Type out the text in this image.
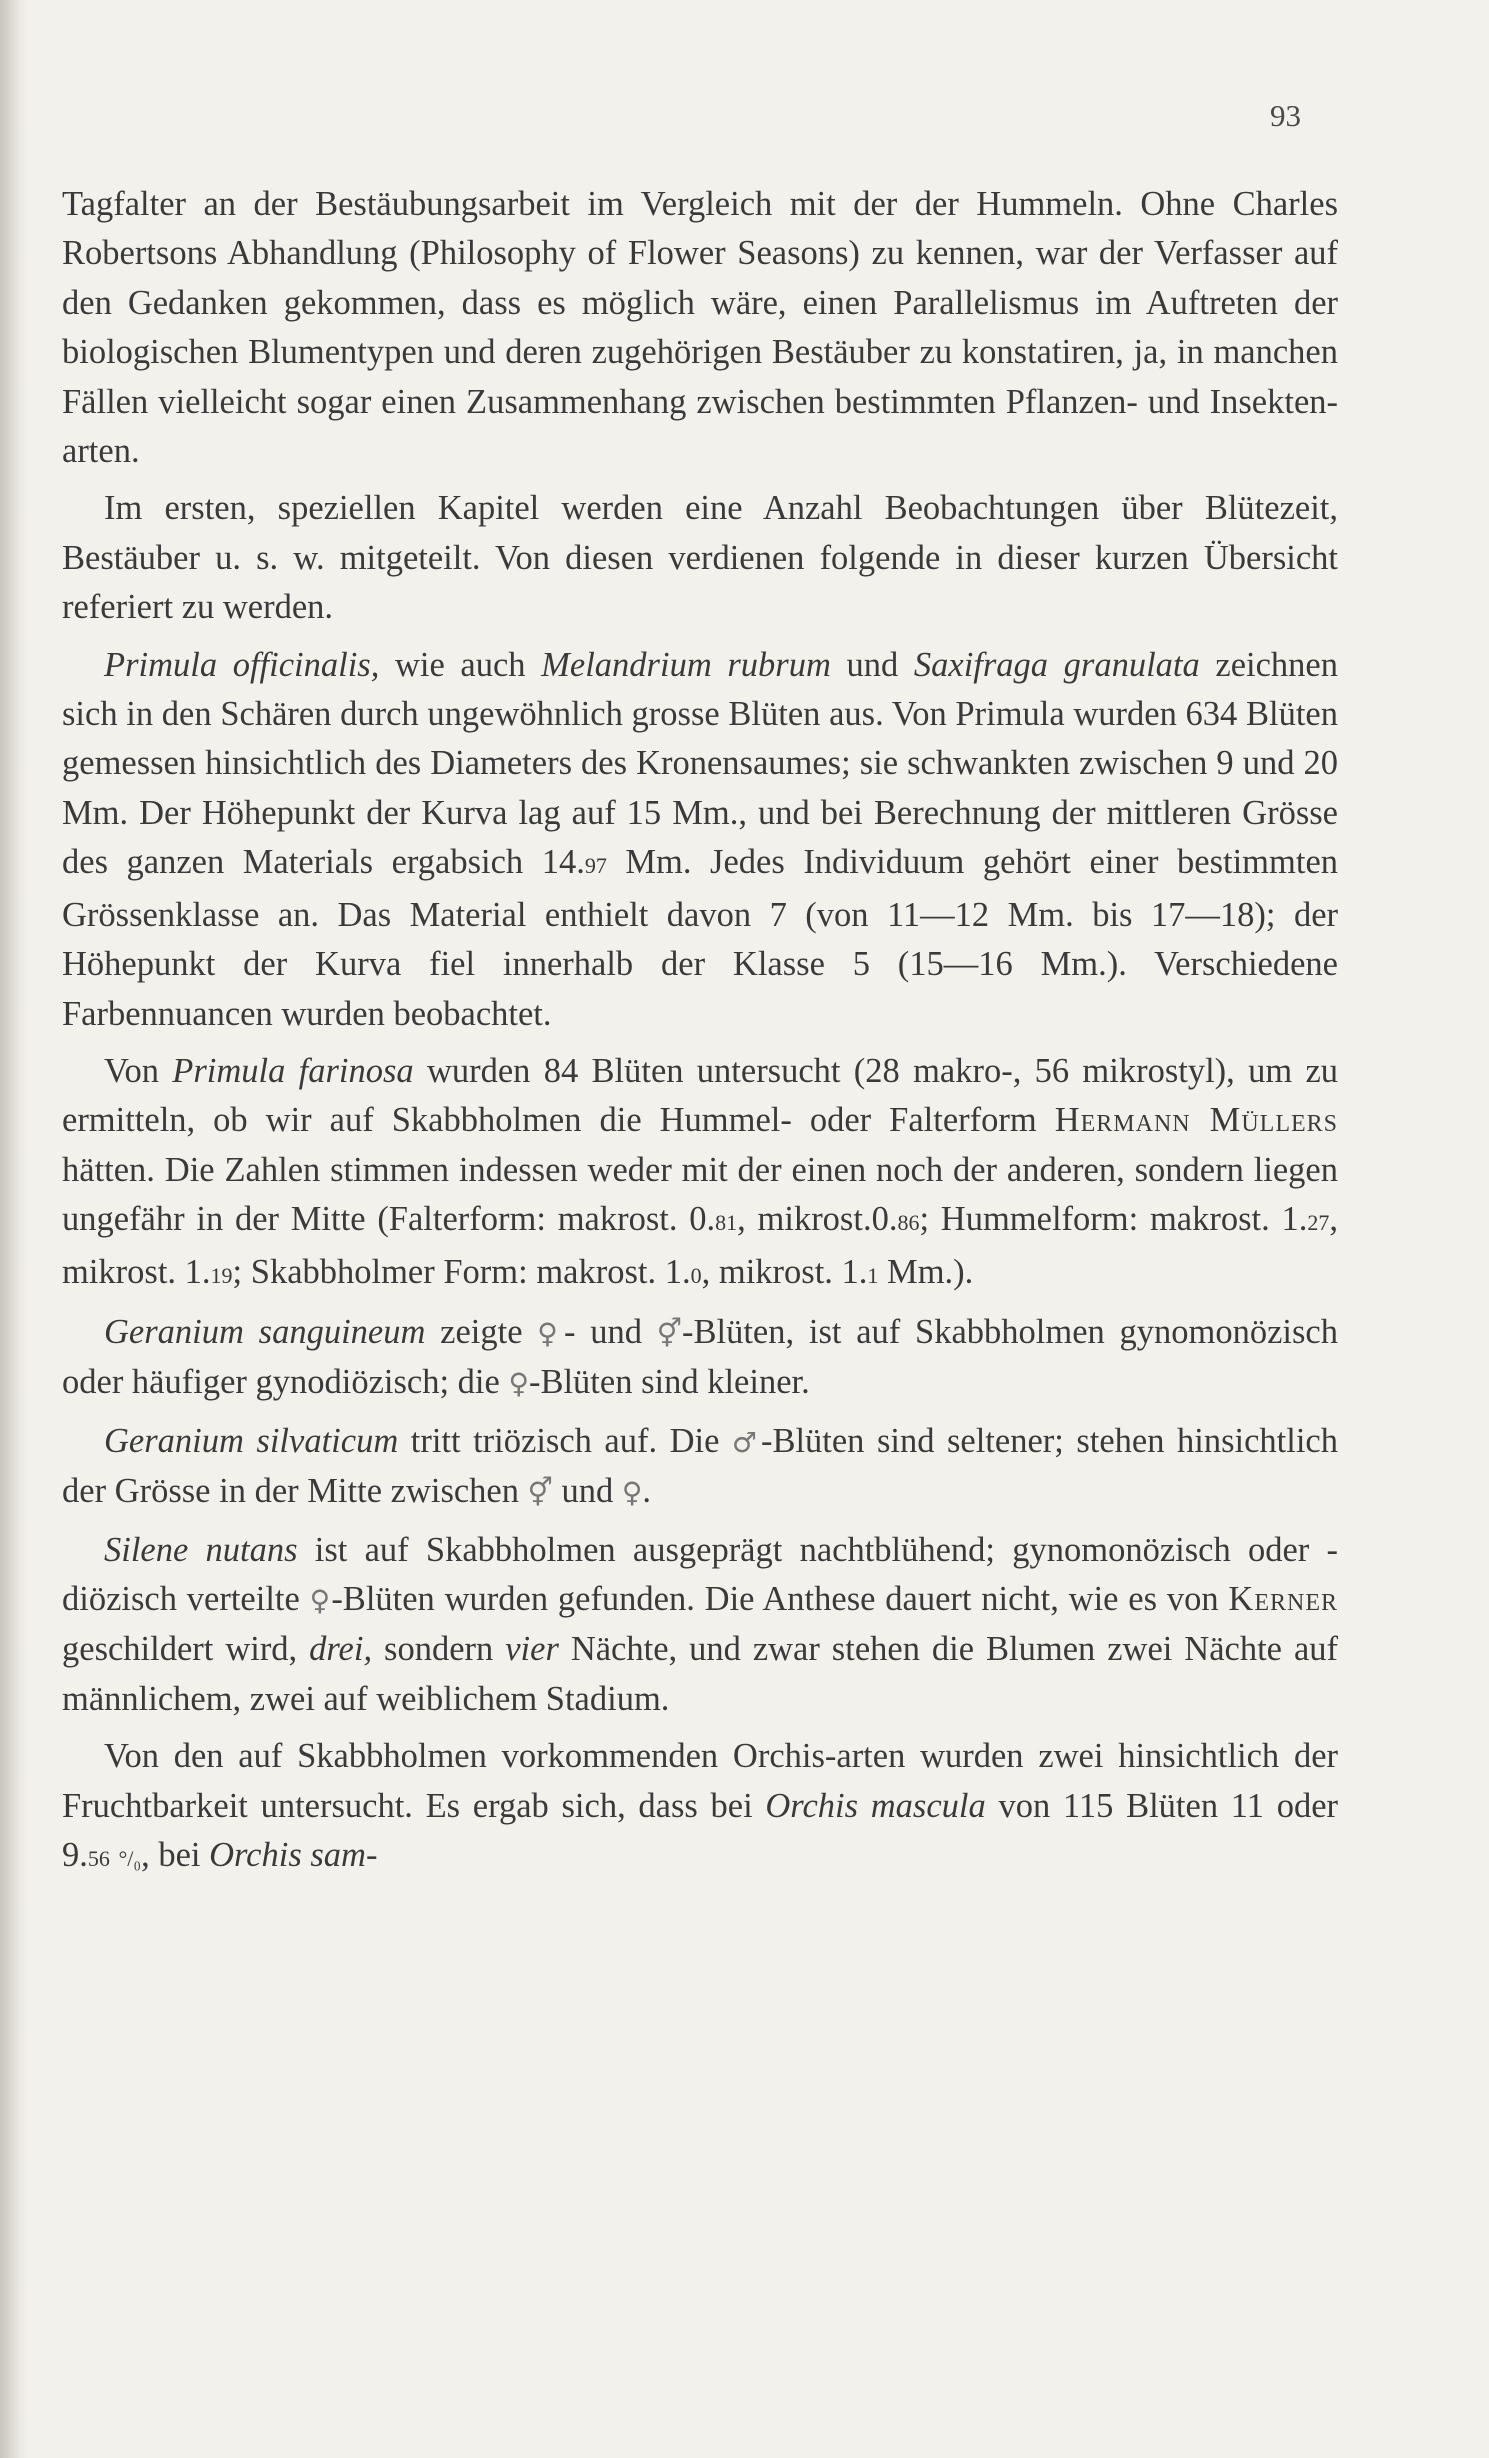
93

Tagfalter an der Bestäubungsarbeit im Vergleich mit der der Hummeln. Ohne Charles Robertsons Abhandlung (Philosophy of Flower Seasons) zu kennen, war der Verfasser auf den Gedanken gekommen, dass es möglich wäre, einen Parallelismus im Auftreten der biologischen Blumentypen und deren zugehörigen Bestäuber zu konstatiren, ja, in manchen Fällen vielleicht sogar einen Zusammenhang zwischen bestimmten Pflanzen- und Insekten-arten.

Im ersten, speziellen Kapitel werden eine Anzahl Beobachtungen über Blütezeit, Bestäuber u. s. w. mitgeteilt. Von diesen verdienen folgende in dieser kurzen Übersicht referiert zu werden.

Primula officinalis, wie auch Melandrium rubrum und Saxifraga granulata zeichnen sich in den Schären durch ungewöhnlich grosse Blüten aus. Von Primula wurden 634 Blüten gemessen hinsichtlich des Diameters des Kronensaumes; sie schwankten zwischen 9 und 20 Mm. Der Höhepunkt der Kurva lag auf 15 Mm., und bei Berechnung der mittleren Grösse des ganzen Materials ergabsich 14.97 Mm. Jedes Individuum gehört einer bestimmten Grössenklasse an. Das Material enthielt davon 7 (von 11—12 Mm. bis 17—18); der Höhepunkt der Kurva fiel innerhalb der Klasse 5 (15—16 Mm.). Verschiedene Farbennuancen wurden beobachtet.

Von Primula farinosa wurden 84 Blüten untersucht (28 makro-, 56 mikrostyl), um zu ermitteln, ob wir auf Skabbholmen die Hummel- oder Falterform Hermann Müllers hätten. Die Zahlen stimmen indessen weder mit der einen noch der anderen, sondern liegen ungefähr in der Mitte (Falterform: makrost. 0.81, mikrost.0.86; Hummelform: makrost. 1.27, mikrost. 1.19; Skabbholmer Form: makrost. 1.0, mikrost. 1.1 Mm.).

Geranium sanguineum zeigte ♀- und ⚥-Blüten, ist auf Skabbholmen gynomonözisch oder häufiger gynodiözisch; die ♀-Blüten sind kleiner.

Geranium silvaticum tritt triözisch auf. Die ♂-Blüten sind seltener; stehen hinsichtlich der Grösse in der Mitte zwischen ⚥ und ♀.

Silene nutans ist auf Skabbholmen ausgeprägt nachtblühend; gynomonözisch oder -diözisch verteilte ♀-Blüten wurden gefunden. Die Anthese dauert nicht, wie es von Kerner geschildert wird, drei, sondern vier Nächte, und zwar stehen die Blumen zwei Nächte auf männlichem, zwei auf weiblichem Stadium.

Von den auf Skabbholmen vorkommenden Orchis-arten wurden zwei hinsichtlich der Fruchtbarkeit untersucht. Es ergab sich, dass bei Orchis mascula von 115 Blüten 11 oder 9.56 °/₀, bei Orchis sam-
